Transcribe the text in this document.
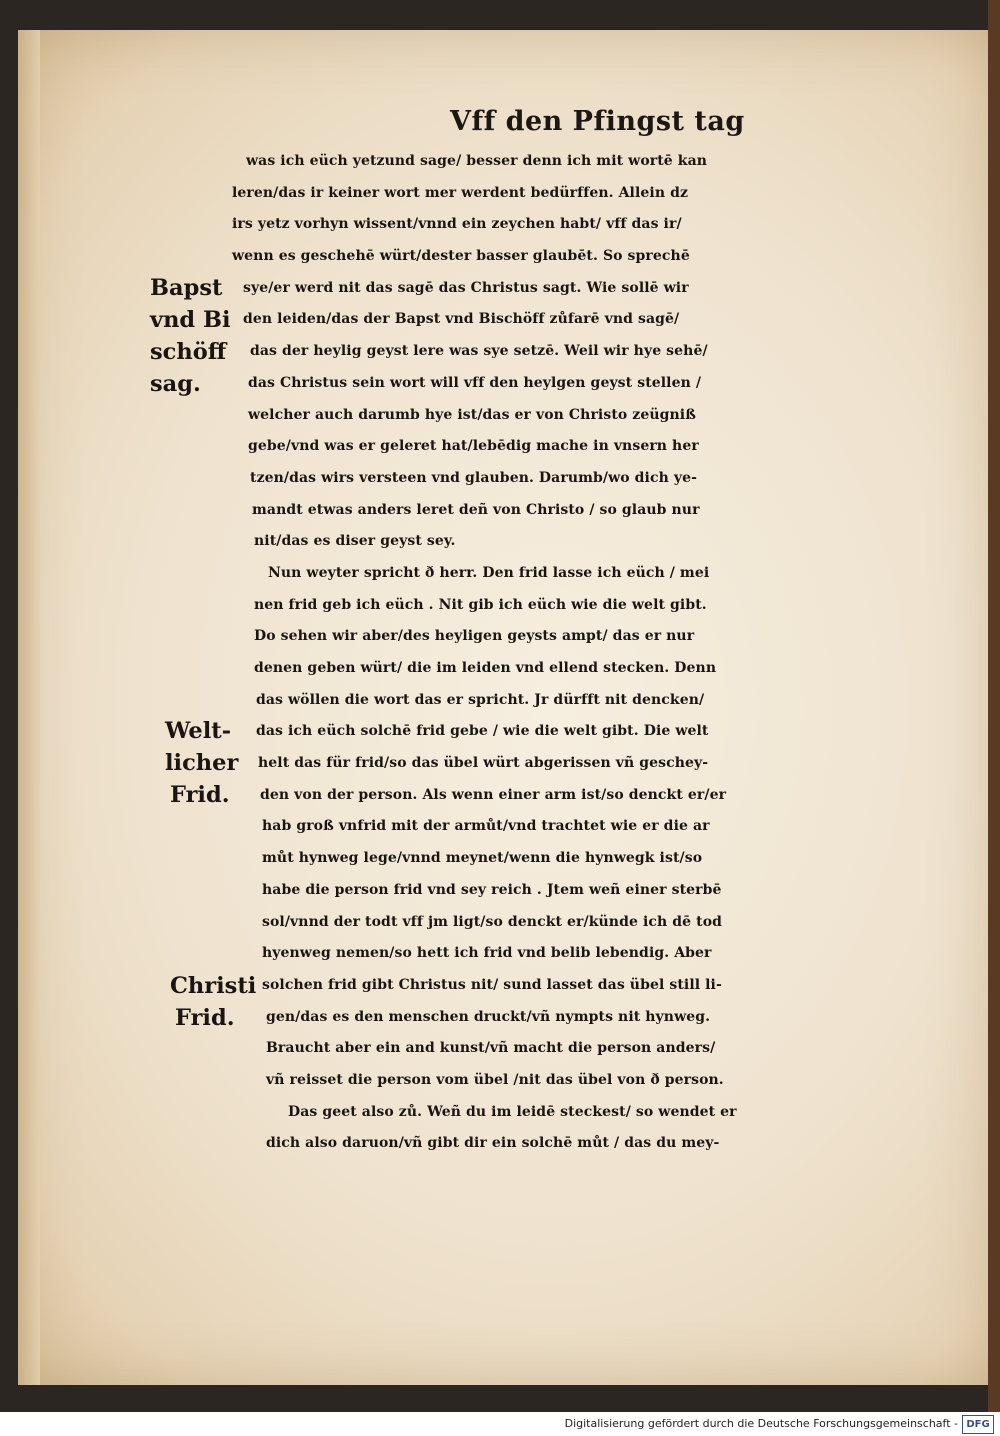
Vff den Pfingst tag
was ich eüch yetzund sage/ besser denn ich mit wortē kan
leren/das ir keiner wort mer werdent bedürffen. Allein dz
irs yetz vorhyn wissent/vnnd ein zeychen habt/ vff das ir/
wenn es geschehē würt/dester basser glaubēt. So sprechē
sye/er werd nit das sagē das Christus sagt. Wie sollē wir
den leiden/das der Bapst vnd Bischöff zůfarē vnd sagē/
das der heylig geyst lere was sye setzē. Weil wir hye sehē/
das Christus sein wort will vff den heylgen geyst stellen /
welcher auch darumb hye ist/das er von Christo zeügniß
gebe/vnd was er geleret hat/lebēdig mache in vnsern her
tzen/das wirs versteen vnd glauben. Darumb/wo dich ye-
mandt etwas anders leret deñ von Christo / so glaub nur
nit/das es diser geyst sey.
Nun weyter spricht ð herr. Den frid lasse ich eüch / mei
nen frid geb ich eüch . Nit gib ich eüch wie die welt gibt.
Do sehen wir aber/des heyligen geysts ampt/ das er nur
denen geben würt/ die im leiden vnd ellend stecken. Denn
das wöllen die wort das er spricht. Jr dürfft nit dencken/
das ich eüch solchē frid gebe / wie die welt gibt. Die welt
helt das für frid/so das übel würt abgerissen vñ geschey-
den von der person. Als wenn einer arm ist/so denckt er/er
hab groß vnfrid mit der armůt/vnd trachtet wie er die ar
můt hynweg lege/vnnd meynet/wenn die hynwegk ist/so
habe die person frid vnd sey reich . Jtem weñ einer sterbē
sol/vnnd der todt vff jm ligt/so denckt er/künde ich dē tod
hyenweg nemen/so hett ich frid vnd belib lebendig. Aber
solchen frid gibt Christus nit/ sund lasset das übel still li-
gen/das es den menschen druckt/vñ nympts nit hynweg.
Braucht aber ein and kunst/vñ macht die person anders/
vñ reisset die person vom übel /nit das übel von ð person.
Das geet also zů. Weñ du im leidē steckest/ so wendet er
dich also daruon/vñ gibt dir ein solchē můt / das du mey-
Bapst
vnd Bi
schöff
sag.
Welt-
licher
Frid.
Christi
Frid.
Digitalisierung gefördert durch die Deutsche Forschungsgemeinschaft - DFG
